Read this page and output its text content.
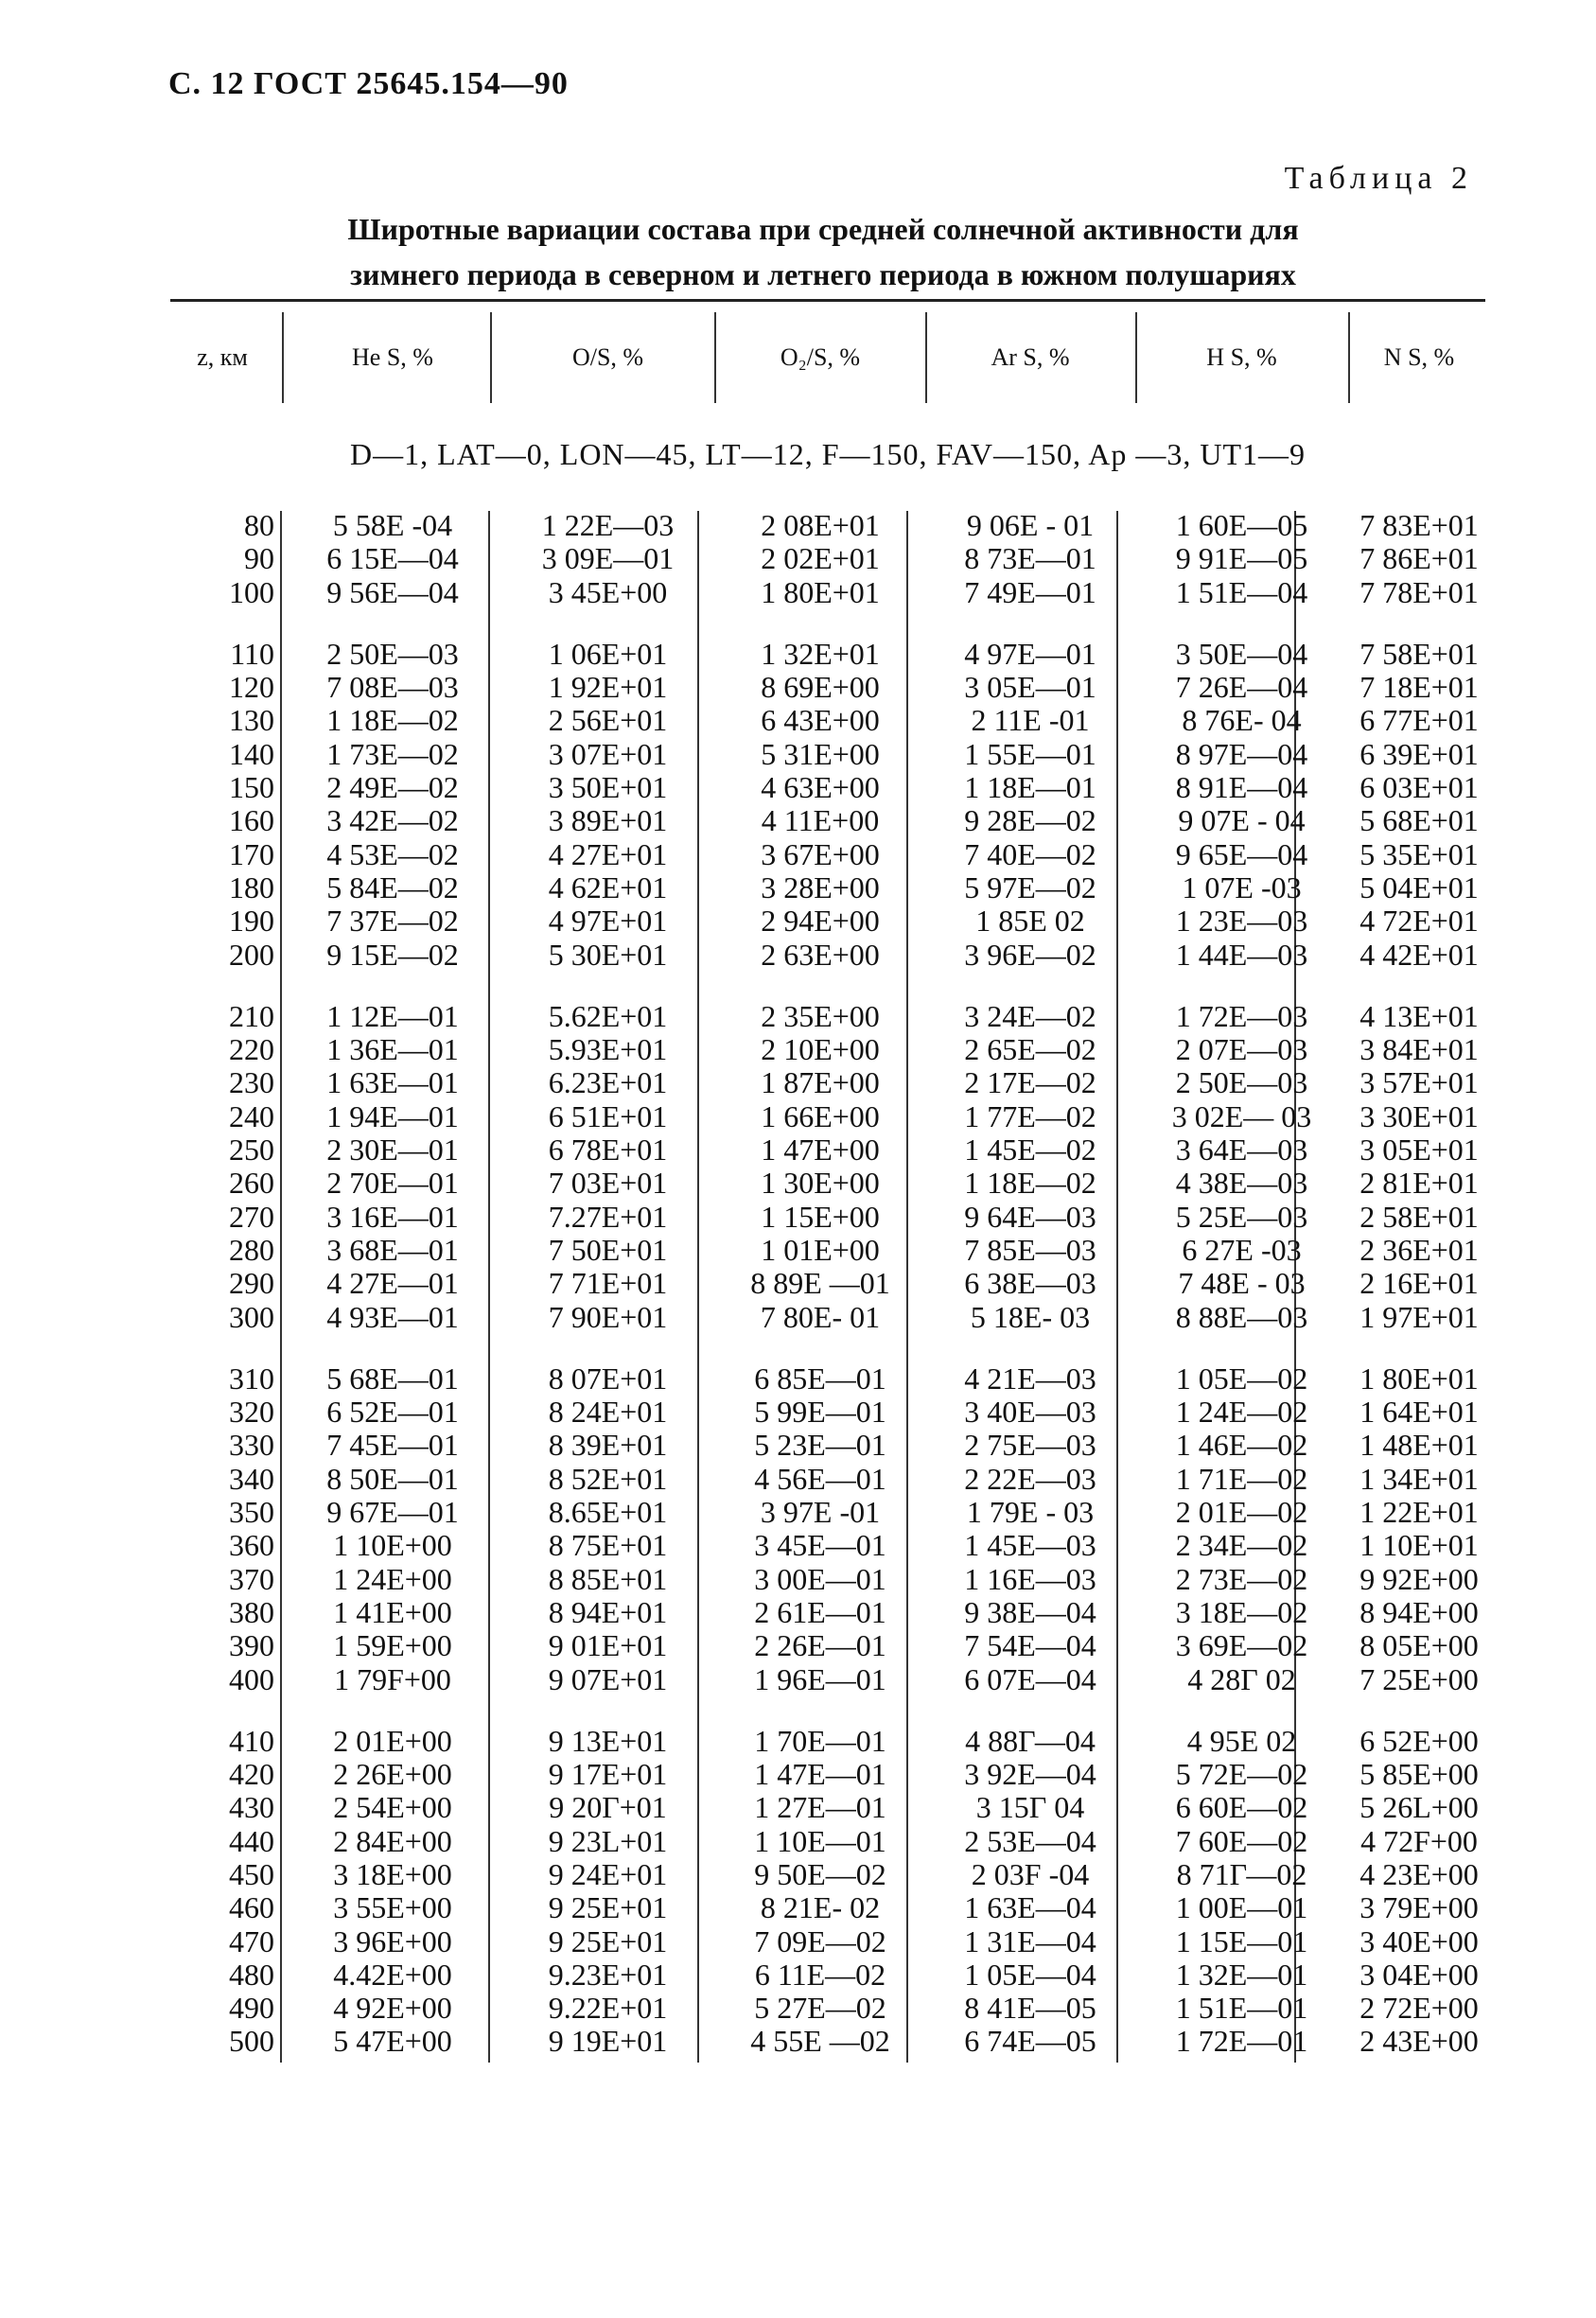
С. 12 ГОСТ 25645.154—90
Таблица 2
Широтные вариации состава при средней солнечной активности для
зимнего периода в северном и летнего периода в южном полушариях
z, км	He S, %	O/S, %	O₂/S, %	Ar S, %	H S, %	N S, %
D—1, LAT—0, LON—45, LT—12, F—150, FAV—150, Ap —3, UT1—9
80	5 58E -04	1 22E—03	2 08E+01	9 06E - 01	1 60E—05	7 83E+01
90	6 15E—04	3 09E—01	2 02E+01	8 73E—01	9 91E—05	7 86E+01
100	9 56E—04	3 45E+00	1 80E+01	7 49E—01	1 51E—04	7 78E+01
110	2 50E—03	1 06E+01	1 32E+01	4 97E—01	3 50E—04	7 58E+01
120	7 08E—03	1 92E+01	8 69E+00	3 05E—01	7 26E—04	7 18E+01
130	1 18E—02	2 56E+01	6 43E+00	2 11E -01	8 76E- 04	6 77E+01
140	1 73E—02	3 07E+01	5 31E+00	1 55E—01	8 97E—04	6 39E+01
150	2 49E—02	3 50E+01	4 63E+00	1 18E—01	8 91E—04	6 03E+01
160	3 42E—02	3 89E+01	4 11E+00	9 28E—02	9 07E - 04	5 68E+01
170	4 53E—02	4 27E+01	3 67E+00	7 40E—02	9 65E—04	5 35E+01
180	5 84E—02	4 62E+01	3 28E+00	5 97E—02	1 07E -03	5 04E+01
190	7 37E—02	4 97E+01	2 94E+00	1 85E 02	1 23E—03	4 72E+01
200	9 15E—02	5 30E+01	2 63E+00	3 96E—02	1 44E—03	4 42E+01
210	1 12E—01	5.62E+01	2 35E+00	3 24E—02	1 72E—03	4 13E+01
220	1 36E—01	5.93E+01	2 10E+00	2 65E—02	2 07E—03	3 84E+01
230	1 63E—01	6.23E+01	1 87E+00	2 17E—02	2 50E—03	3 57E+01
240	1 94E—01	6 51E+01	1 66E+00	1 77E—02	3 02E— 03	3 30E+01
250	2 30E—01	6 78E+01	1 47E+00	1 45E—02	3 64E—03	3 05E+01
260	2 70E—01	7 03E+01	1 30E+00	1 18E—02	4 38E—03	2 81E+01
270	3 16E—01	7.27E+01	1 15E+00	9 64E—03	5 25E—03	2 58E+01
280	3 68E—01	7 50E+01	1 01E+00	7 85E—03	6 27E -03	2 36E+01
290	4 27E—01	7 71E+01	8 89E —01	6 38E—03	7 48E - 03	2 16E+01
300	4 93E—01	7 90E+01	7 80E- 01	5 18E- 03	8 88E—03	1 97E+01
310	5 68E—01	8 07E+01	6 85E—01	4 21E—03	1 05E—02	1 80E+01
320	6 52E—01	8 24E+01	5 99E—01	3 40E—03	1 24E—02	1 64E+01
330	7 45E—01	8 39E+01	5 23E—01	2 75E—03	1 46E—02	1 48E+01
340	8 50E—01	8 52E+01	4 56E—01	2 22E—03	1 71E—02	1 34E+01
350	9 67E—01	8.65E+01	3 97E -01	1 79E - 03	2 01E—02	1 22E+01
360	1 10E+00	8 75E+01	3 45E—01	1 45E—03	2 34E—02	1 10E+01
370	1 24E+00	8 85E+01	3 00E—01	1 16E—03	2 73E—02	9 92E+00
380	1 41E+00	8 94E+01	2 61E—01	9 38E—04	3 18E—02	8 94E+00
390	1 59E+00	9 01E+01	2 26E—01	7 54E—04	3 69E—02	8 05E+00
400	1 79F+00	9 07E+01	1 96E—01	6 07E—04	4 28Г 02	7 25E+00
410	2 01E+00	9 13E+01	1 70E—01	4 88Г—04	4 95E 02	6 52E+00
420	2 26E+00	9 17E+01	1 47E—01	3 92E—04	5 72E—02	5 85E+00
430	2 54E+00	9 20Г+01	1 27E—01	3 15Г 04	6 60E—02	5 26L+00
440	2 84E+00	9 23L+01	1 10E—01	2 53E—04	7 60E—02	4 72F+00
450	3 18E+00	9 24E+01	9 50E—02	2 03F -04	8 71Г—02	4 23E+00
460	3 55E+00	9 25E+01	8 21E- 02	1 63E—04	1 00E—01	3 79E+00
470	3 96E+00	9 25E+01	7 09E—02	1 31E—04	1 15E—01	3 40E+00
480	4.42E+00	9.23E+01	6 11E—02	1 05E—04	1 32E—01	3 04E+00
490	4 92E+00	9.22E+01	5 27E—02	8 41E—05	1 51E—01	2 72E+00
500	5 47E+00	9 19E+01	4 55E —02	6 74E—05	1 72E—01	2 43E+00
